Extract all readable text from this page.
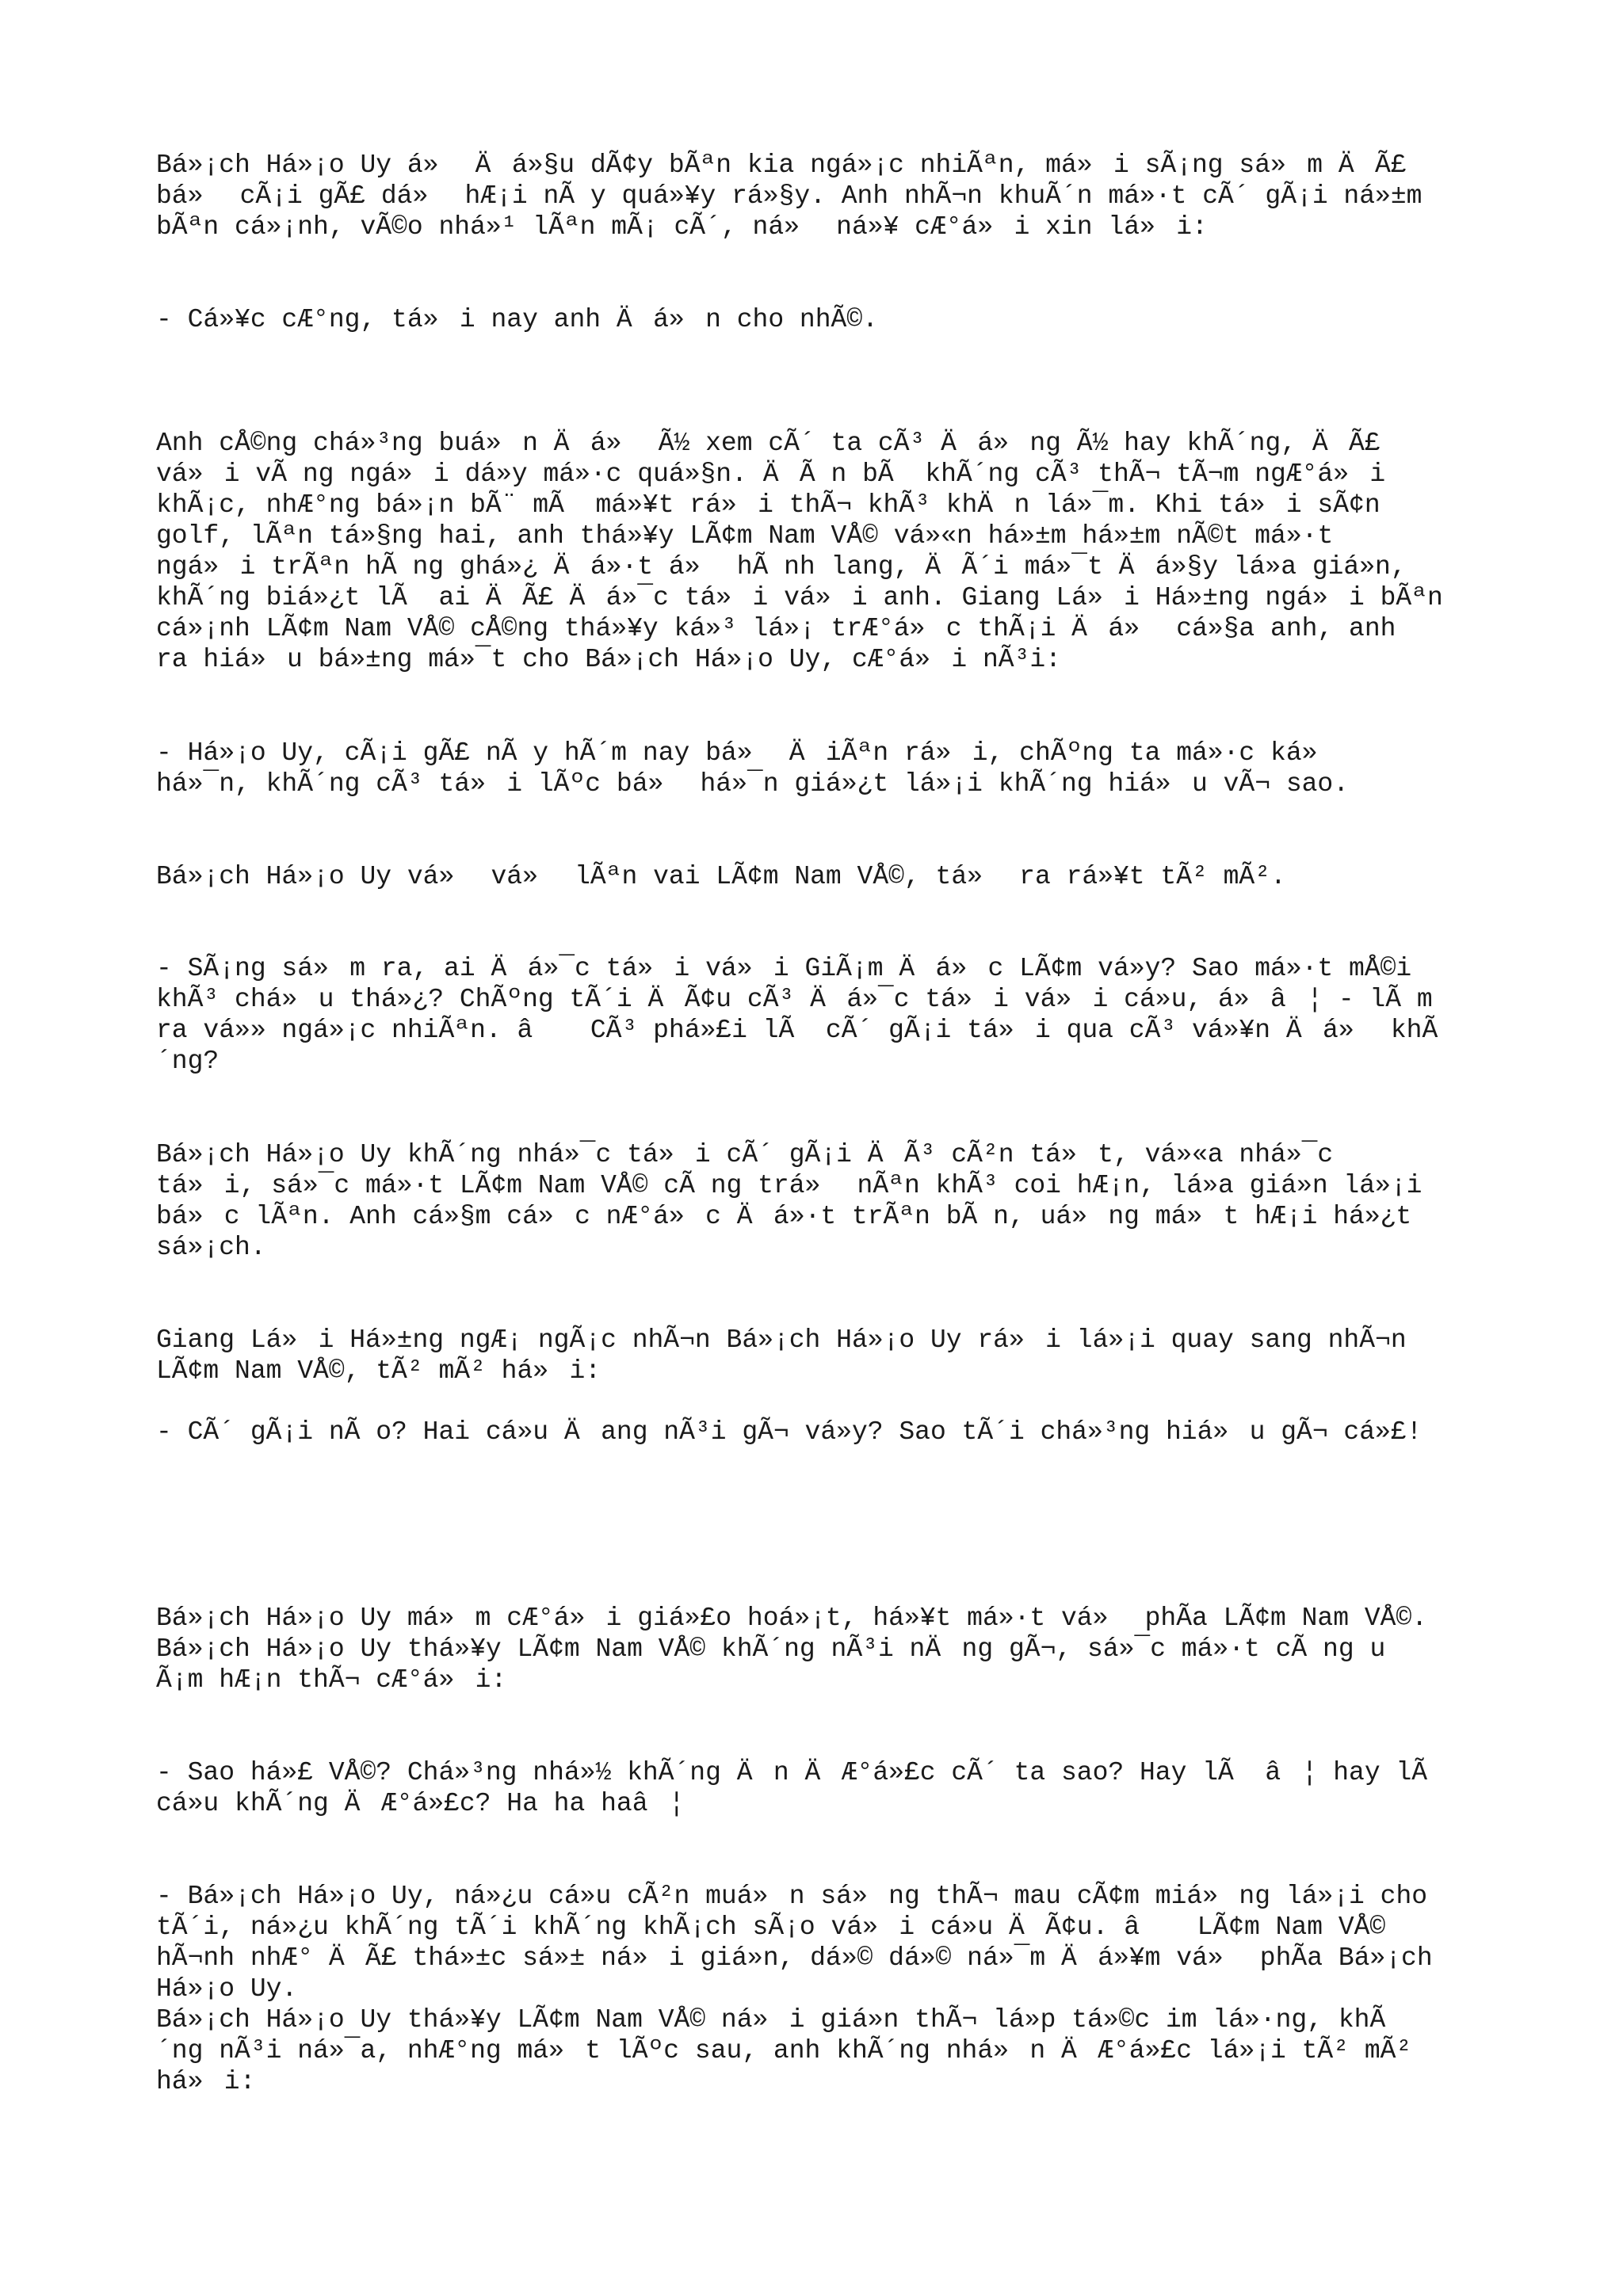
Bá»¡ch Há»¡o Uy á» Äá»§u dÃ¢y bÃªn kia ngá»¡c nhiÃªn, má»i sÃ¡ng sá»m ÄÃ£
bá» cÃ¡i gÃ£ dá» hÆ¡i nÃ y quá»¥y rá»§y. Anh nhÃ¬n khuÃ´n má»·t cÃ´ gÃ¡i ná»±m
bÃªn cá»¡nh, vÃ©o nhá»¹ lÃªn mÃ¡ cÃ´, ná» ná»¥ cÆ°á»i xin lá»i:

- Cá»¥c cÆ°ng, tá»i nay anh Äá»n cho nhÃ©.

Anh cÅ©ng chá»³ng buá»n Äá» Ã½ xem cÃ´ ta cÃ³ Äá»ng Ã½ hay khÃ´ng, ÄÃ£
vá»i vÃ ng ngá»i dá»y má»·c quá»§n. ÄÃ n bÃ  khÃ´ng cÃ³ thÃ¬ tÃ¬m ngÆ°á»i
khÃ¡c, nhÆ°ng bá»¡n bÃ¨ mÃ  má»¥t rá»i thÃ¬ khÃ³ khÄn lá»¯m. Khi tá»i sÃ¢n
golf, lÃªn tá»§ng hai, anh thá»¥y LÃ¢m Nam VÅ© vá»«n há»±m há»±m nÃ©t má»·t
ngá»i trÃªn hÃ ng ghá»¿ Äá»·t á» hÃ nh lang, ÄÃ´i má»¯t Äá»§y lá»a giá»n,
khÃ´ng biá»¿t lÃ  ai ÄÃ£ Äá»¯c tá»i vá»i anh. Giang Lá»i Há»±ng ngá»i bÃªn
cá»¡nh LÃ¢m Nam VÅ© cÅ©ng thá»¥y ká»³ lá»¡ trÆ°á»c thÃ¡i Äá» cá»§a anh, anh
ra hiá»u bá»±ng má»¯t cho Bá»¡ch Há»¡o Uy, cÆ°á»i nÃ³i:

- Há»¡o Uy, cÃ¡i gÃ£ nÃ y hÃ´m nay bá» ÄiÃªn rá»i, chÃºng ta má»·c ká»
há»¯n, khÃ´ng cÃ³ tá»i lÃºc bá» há»¯n giá»¿t lá»¡i khÃ´ng hiá»u vÃ¬ sao.

Bá»¡ch Há»¡o Uy vá» vá» lÃªn vai LÃ¢m Nam VÅ©, tá» ra rá»¥t tÃ² mÃ².

- SÃ¡ng sá»m ra, ai Äá»¯c tá»i vá»i GiÃ¡m Äá»c LÃ¢m vá»y? Sao má»·t mÅ©i
khÃ³ chá»u thá»¿? ChÃºng tÃ´i ÄÃ¢u cÃ³ Äá»¯c tá»i vá»i cá»u, á»â¦ - lÃ m
ra vá»» ngá»¡c nhiÃªn. â CÃ³ phá»£i lÃ  cÃ´ gÃ¡i tá»i qua cÃ³ vá»¥n Äá» khÃ
´ng?

Bá»¡ch Há»¡o Uy khÃ´ng nhá»¯c tá»i cÃ´ gÃ¡i ÄÃ³ cÃ²n tá»t, vá»«a nhá»¯c
tá»i, sá»¯c má»·t LÃ¢m Nam VÅ© cÃ ng trá» nÃªn khÃ³ coi hÆ¡n, lá»a giá»n lá»¡i
bá»c lÃªn. Anh cá»§m cá»c nÆ°á»c Äá»·t trÃªn bÃ n, uá»ng má»t hÆ¡i há»¿t
sá»¡ch.

Giang Lá»i Há»±ng ngÆ¡ ngÃ¡c nhÃ¬n Bá»¡ch Há»¡o Uy rá»i lá»¡i quay sang nhÃ¬n
LÃ¢m Nam VÅ©, tÃ² mÃ² há»i:

- CÃ´ gÃ¡i nÃ o? Hai cá»u Äang nÃ³i gÃ¬ vá»y? Sao tÃ´i chá»³ng hiá»u gÃ¬ cá»£!

Bá»¡ch Há»¡o Uy má»m cÆ°á»i giá»£o hoá»¡t, há»¥t má»·t vá» phÃa LÃ¢m Nam VÅ©.
Bá»¡ch Há»¡o Uy thá»¥y LÃ¢m Nam VÅ© khÃ´ng nÃ³i nÄng gÃ¬, sá»¯c má»·t cÃ ng u
Ã¡m hÆ¡n thÃ¬ cÆ°á»i:

- Sao há»£ VÅ©? Chá»³ng nhá»½ khÃ´ng Än ÄÆ°á»£c cÃ´ ta sao? Hay lÃ  â¦ hay lÃ
cá»u khÃ´ng ÄÆ°á»£c? Ha ha haâ¦

- Bá»¡ch Há»¡o Uy, ná»¿u cá»u cÃ²n muá»n sá»ng thÃ¬ mau cÃ¢m miá»ng lá»¡i cho
tÃ´i, ná»¿u khÃ´ng tÃ´i khÃ´ng khÃ¡ch sÃ¡o vá»i cá»u ÄÃ¢u. â LÃ¢m Nam VÅ©
hÃ¬nh nhÆ° ÄÃ£ thá»±c sá»± ná»i giá»n, dá»© dá»© ná»¯m Äá»¥m vá» phÃa Bá»¡ch
Há»¡o Uy.
Bá»¡ch Há»¡o Uy thá»¥y LÃ¢m Nam VÅ© ná»i giá»n thÃ¬ lá»p tá»©c im lá»·ng, khÃ
´ng nÃ³i ná»¯a, nhÆ°ng má»t lÃºc sau, anh khÃ´ng nhá»n ÄÆ°á»£c lá»¡i tÃ² mÃ²
há»i:
